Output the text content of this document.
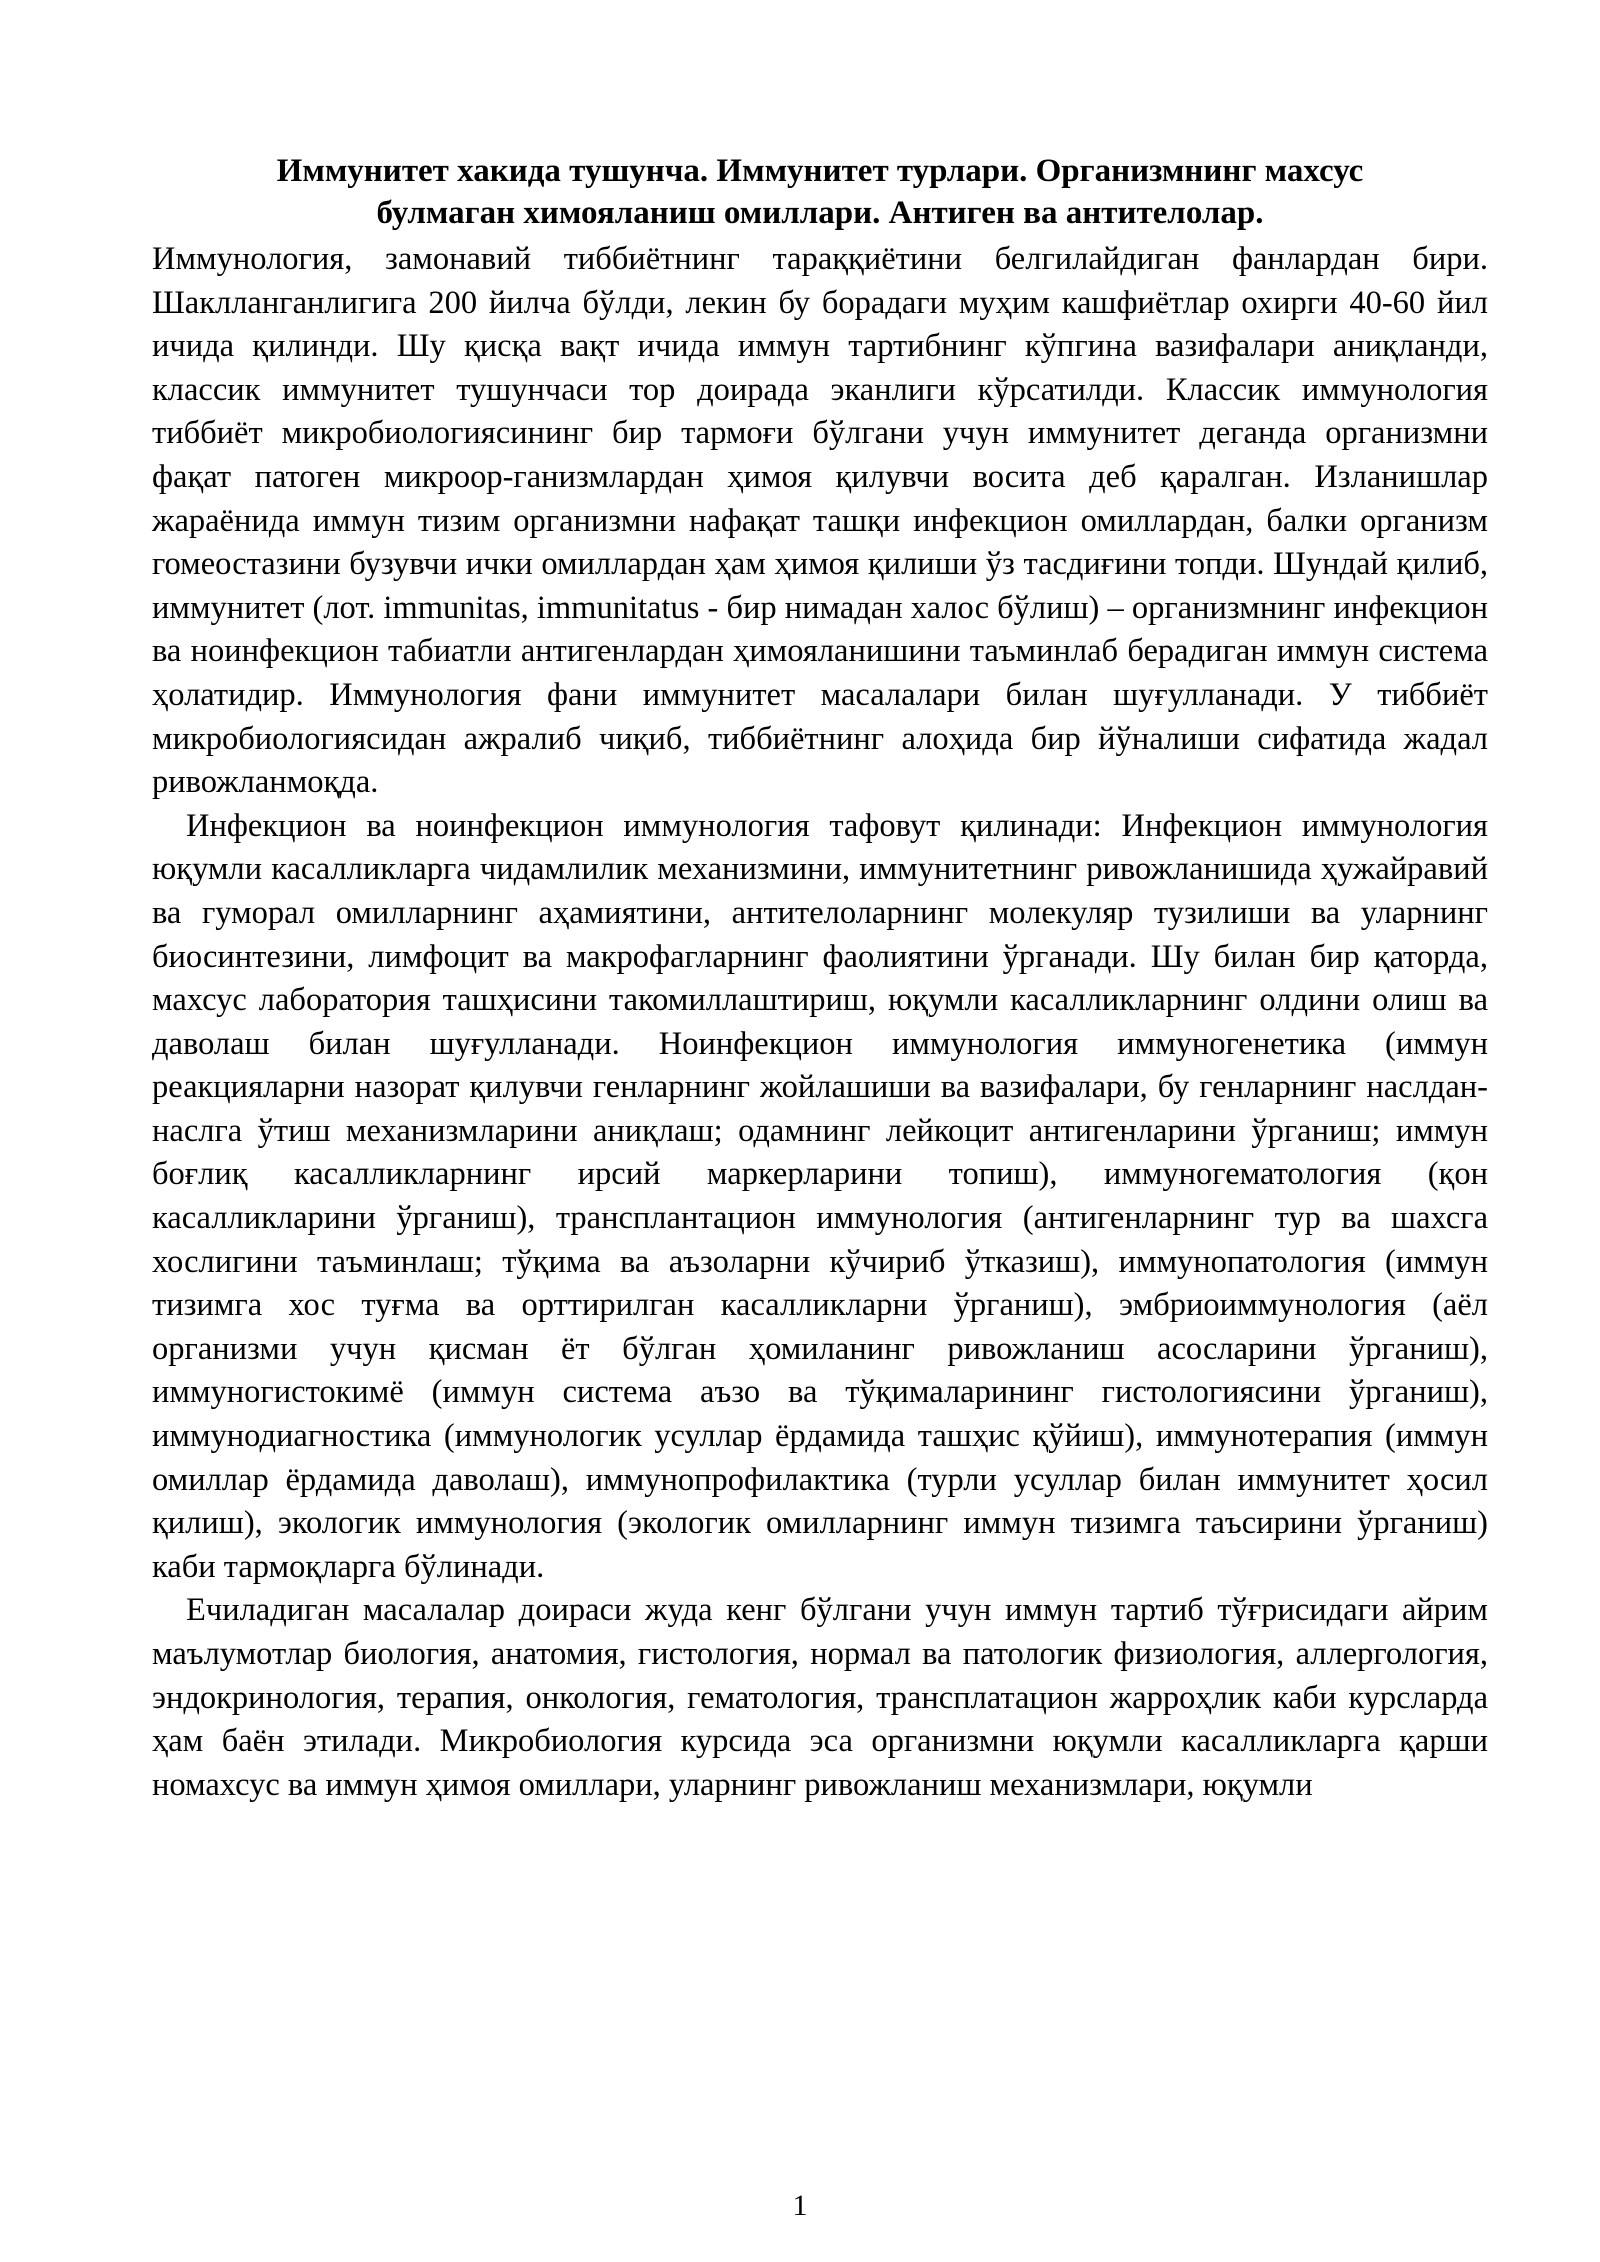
Иммунитет хакида тушунча. Иммунитет турлари. Организмнинг махсус
булмаган химояланиш омиллари. Антиген ва антителолар.

Иммунология, замонавий тиббиётнинг тараққиётини белгилайдиган фанлардан бири. Шаклланганлигига 200 йилча бўлди, лекин бу борадаги муҳим кашфиётлар охирги 40-60 йил ичида қилинди. Шу қисқа вақт ичида иммун тартибнинг кўпгина вазифалари аниқланди, классик иммунитет тушунчаси тор доирада эканлиги кўрсатилди. Классик иммунология тиббиёт микробиологиясининг бир тармоғи бўлгани учун иммунитет деганда организмни фақат патоген микроор-ганизмлардан ҳимоя қилувчи восита деб қаралган. Изланишлар жараёнида иммун тизим организмни нафақат ташқи инфекцион омиллардан, балки организм гомеостазини бузувчи ички омиллардан ҳам ҳимоя қилиши ўз тасдиғини топди. Шундай қилиб, иммунитет (лот. immunitas, immunitatus - бир нимадан халос бўлиш) – организмнинг инфекцион ва ноинфекцион табиатли антигенлардан ҳимояланишини таъминлаб берадиган иммун система ҳолатидир. Иммунология фани иммунитет масалалари билан шуғулланади. У тиббиёт микробиологиясидан ажралиб чиқиб, тиббиётнинг алоҳида бир йўналиши сифатида жадал ривожланмоқда.

Инфекцион ва ноинфекцион иммунология тафовут қилинади: Инфекцион иммунология юқумли касалликларга чидамлилик механизмини, иммунитетнинг ривожланишида ҳужайравий ва гуморал омилларнинг аҳамиятини, антителоларнинг молекуляр тузилиши ва уларнинг биосинтезини, лимфоцит ва макрофагларнинг фаолиятини ўрганади. Шу билан бир қаторда, махсус лаборатория ташҳисини такомиллаштириш, юқумли касалликларнинг олдини олиш ва даволаш билан шуғулланади. Ноинфекцион иммунология иммуногенетика (иммун реакцияларни назорат қилувчи генларнинг жойлашиши ва вазифалари, бу генларнинг наслдан-наслга ўтиш механизмларини аниқлаш; одамнинг лейкоцит антигенларини ўрганиш; иммун боғлиқ касалликларнинг ирсий маркерларини топиш), иммуногематология (қон касалликларини ўрганиш), трансплантацион иммунология (антигенларнинг тур ва шахсга хослигини таъминлаш; тўқима ва аъзоларни кўчириб ўтказиш), иммунопатология (иммун тизимга хос туғма ва орттирилган касалликларни ўрганиш), эмбриоиммунология (аёл организми учун қисман ёт бўлган ҳомиланинг ривожланиш асосларини ўрганиш), иммуногистокимё (иммун система аъзо ва тўқималарининг гистологиясини ўрганиш), иммунодиагностика (иммунологик усуллар ёрдамида ташҳис қўйиш), иммунотерапия (иммун омиллар ёрдамида даволаш), иммунопрофилактика (турли усуллар билан иммунитет ҳосил қилиш), экологик иммунология (экологик омилларнинг иммун тизимга таъсирини ўрганиш) каби тармоқларга бўлинади.

Ечиладиган масалалар доираси жуда кенг бўлгани учун иммун тартиб тўғрисидаги айрим маълумотлар биология, анатомия, гистология, нормал ва патологик физиология, аллергология, эндокринология, терапия, онкология, гематология, трансплатацион жарроҳлик каби курсларда ҳам баён этилади. Микробиология курсида эса организмни юқумли касалликларга қарши номахсус ва иммун ҳимоя омиллари, уларнинг ривожланиш механизмлари, юқумли

1
